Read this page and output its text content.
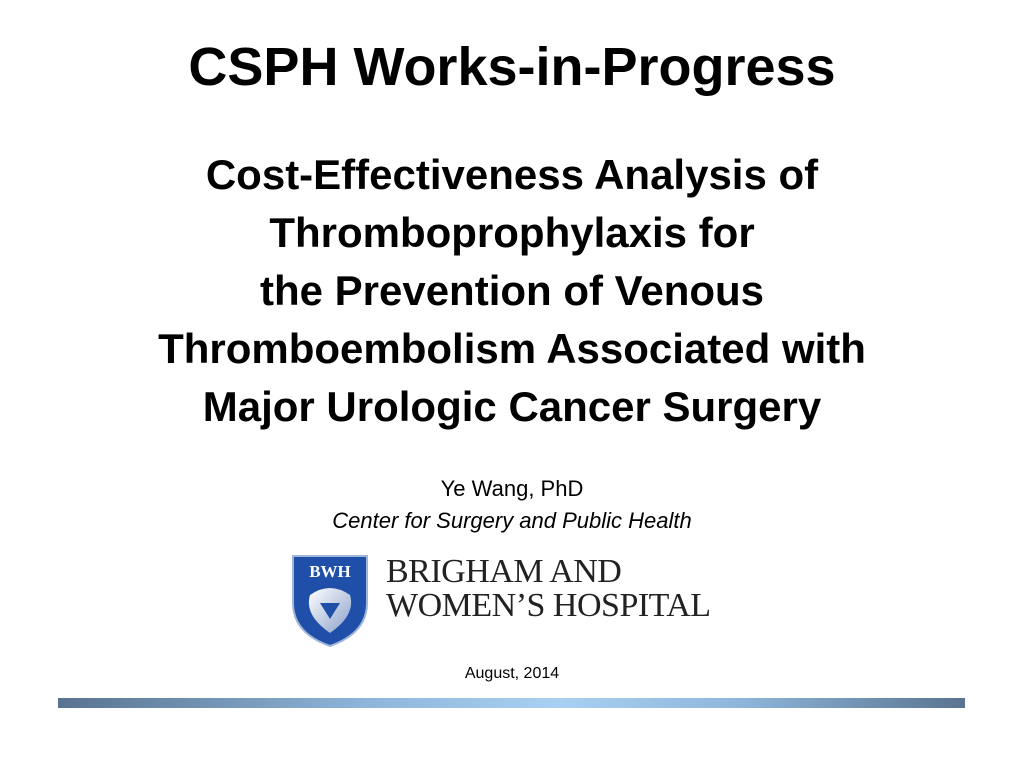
CSPH Works-in-Progress
Cost-Effectiveness Analysis of
Thromboprophylaxis for
the Prevention of Venous
Thromboembolism Associated with
Major Urologic Cancer Surgery
Ye Wang, PhD
Center for Surgery and Public Health
BWH BRIGHAM AND
WOMEN’S HOSPITAL
August, 2014
